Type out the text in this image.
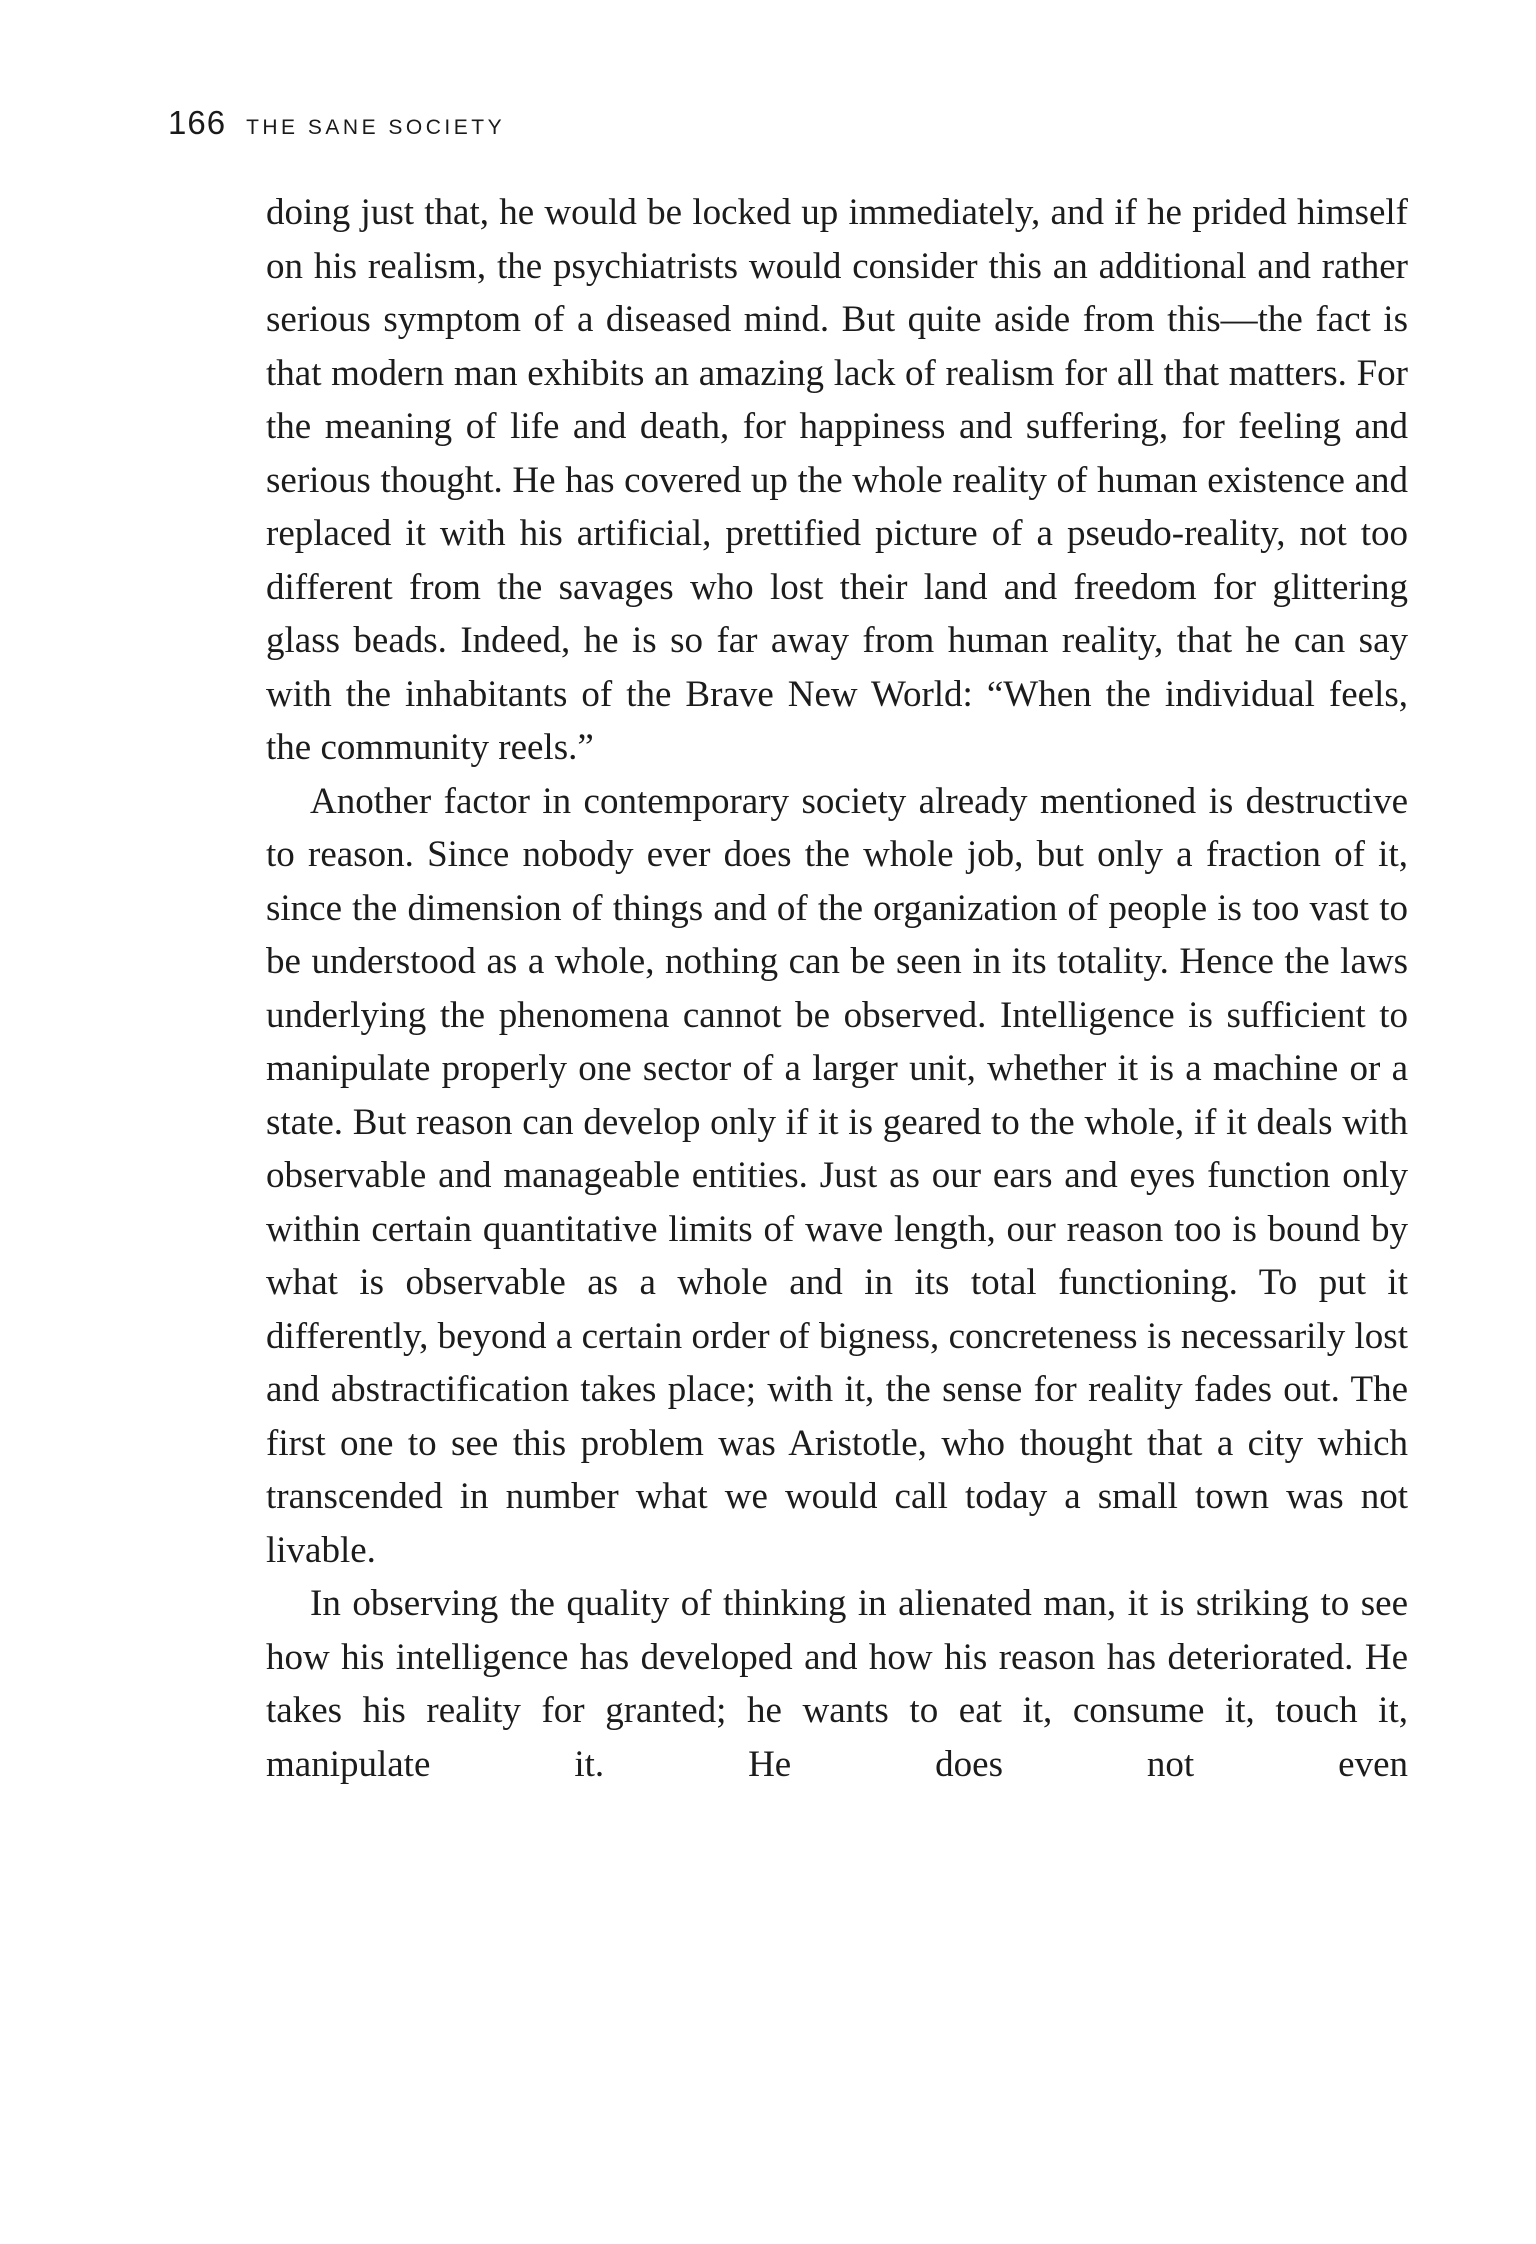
166 THE SANE SOCIETY

doing just that, he would be locked up immediately, and if he prided himself on his realism, the psychiatrists would consider this an additional and rather serious symptom of a diseased mind. But quite aside from this—the fact is that modern man exhibits an amazing lack of realism for all that matters. For the meaning of life and death, for happiness and suffering, for feeling and serious thought. He has covered up the whole reality of human existence and replaced it with his artificial, prettified picture of a pseudo-reality, not too different from the savages who lost their land and freedom for glittering glass beads. Indeed, he is so far away from human reality, that he can say with the inhabitants of the Brave New World: “When the individual feels, the community reels.”

Another factor in contemporary society already mentioned is destructive to reason. Since nobody ever does the whole job, but only a fraction of it, since the dimension of things and of the organization of people is too vast to be understood as a whole, nothing can be seen in its totality. Hence the laws underlying the phenomena cannot be observed. Intelligence is sufficient to manipulate properly one sector of a larger unit, whether it is a machine or a state. But reason can develop only if it is geared to the whole, if it deals with observable and manageable entities. Just as our ears and eyes function only within certain quantitative limits of wave length, our reason too is bound by what is observable as a whole and in its total functioning. To put it differently, beyond a certain order of bigness, concreteness is necessarily lost and abstractification takes place; with it, the sense for reality fades out. The first one to see this problem was Aristotle, who thought that a city which transcended in number what we would call today a small town was not livable.

In observing the quality of thinking in alienated man, it is striking to see how his intelligence has developed and how his reason has deteriorated. He takes his reality for granted; he wants to eat it, consume it, touch it, manipulate it. He does not even
